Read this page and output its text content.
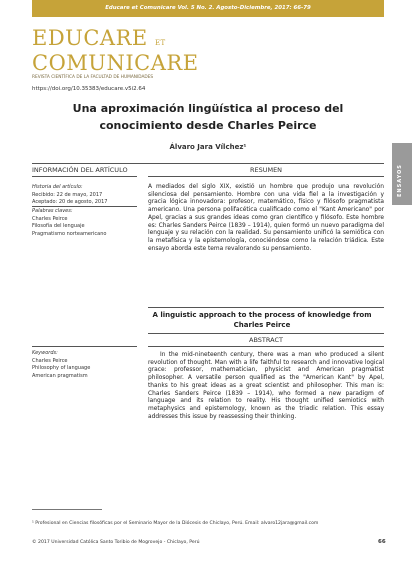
Educare et Comunicare Vol. 5 No. 2. Agosto-Diciembre, 2017: 66-79
EDUCARE ET
COMUNICARE
REVISTA CIENTÍFICA DE LA FACULTAD DE HUMANIDADES
https://doi.org/10.35383/educare.v5i2.64
Una aproximación lingüística al proceso del conocimiento desde Charles Peirce
Álvaro Jara Vílchez¹
ENSAYOS
INFORMACIÓN DEL ARTÍCULO	RESUMEN
Historia del artículo:
Recibido: 22 de mayo, 2017
Aceptado: 20 de agosto, 2017
Palabras claves:
Charles Peirce
Filosofía del lenguaje
Pragmatismo norteamericano
A mediados del siglo XIX, existió un hombre que produjo una revolución silenciosa del pensamiento. Hombre con una vida fiel a la investigación y gracia lógica innovadora: profesor, matemático, físico y filósofo pragmatista americano. Una persona polifacética cualificado como el "Kant Americano" por Apel, gracias a sus grandes ideas como gran científico y filósofo. Este hombre es: Charles Sanders Peirce (1839 – 1914), quien formó un nuevo paradigma del lenguaje y su relación con la realidad. Su pensamiento unificó la semiótica con la metafísica y la epistemología, conociéndose como la relación triádica. Este ensayo aborda este tema revalorando su pensamiento.
A linguistic approach to the process of knowledge from Charles Peirce
ABSTRACT
Keywords:
Charles Peirce
Philosophy of language
American pragmatism
In the mid-nineteenth century, there was a man who produced a silent revolution of thought. Man with a life faithful to research and innovative logical grace: professor, mathematician, physicist and American pragmatist philosopher. A versatile person qualified as the "American Kant" by Apel, thanks to his great ideas as a great scientist and philosopher. This man is: Charles Sanders Peirce (1839 – 1914), who formed a new paradigm of language and its relation to reality. His thought unified semiotics with metaphysics and epistemology, known as the triadic relation. This essay addresses this issue by reassessing their thinking.
¹ Profesional en Ciencias filosóficas por el Seminario Mayor de la Diócesis de Chiclayo, Perú. Email: alvaro12jara@gmail.com
© 2017 Universidad Católica Santo Toribio de Mogrovejo - Chiclayo, Perú	66
